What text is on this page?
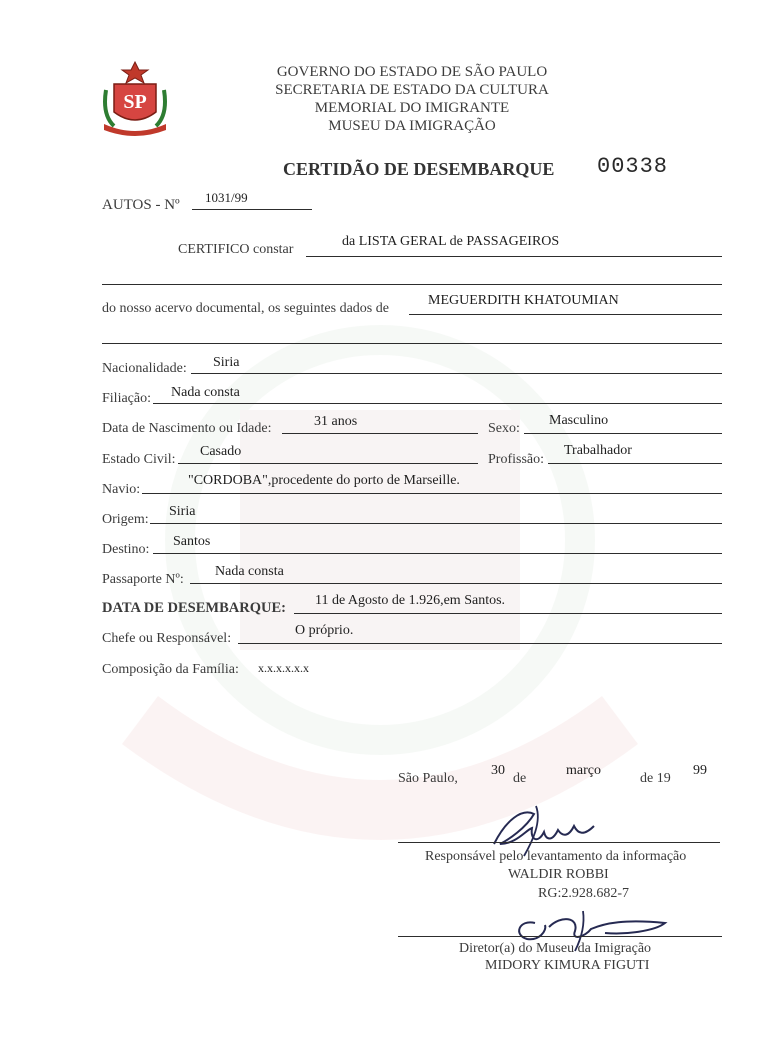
SP
GOVERNO DO ESTADO DE SÃO PAULO
SECRETARIA DE ESTADO DA CULTURA
MEMORIAL DO IMIGRANTE
MUSEU DA IMIGRAÇÃO
CERTIDÃO DE DESEMBARQUE 00338
AUTOS - Nº 1031/99
CERTIFICO constar
da LISTA GERAL de PASSAGEIROS
do nosso acervo documental, os seguintes dados de
MEGUERDITH KHATOUMIAN
Nacionalidade: Siria
Filiação: Nada consta
Data de Nascimento ou Idade:	31 anos	Sexo:
Masculino
Estado Civil:
Casado
Profissão:
Trabalhador
Navio:
"CORDOBA",procedente do porto de Marseille.
Origem:
Siria
Destino:
Santos
Passaporte Nº:
Nada consta
DATA DE DESEMBARQUE: 11 de Agosto de 1.926,em Santos.
Chefe ou Responsável:
O próprio.
Composição da Família: x.x.x.x.x.x
São Paulo,
30
de
março
de 19
99
Responsável pelo levantamento da informação
WALDIR ROBBI
RG:2.928.682-7
Diretor(a) do Museu da Imigração
MIDORY KIMURA FIGUTI
